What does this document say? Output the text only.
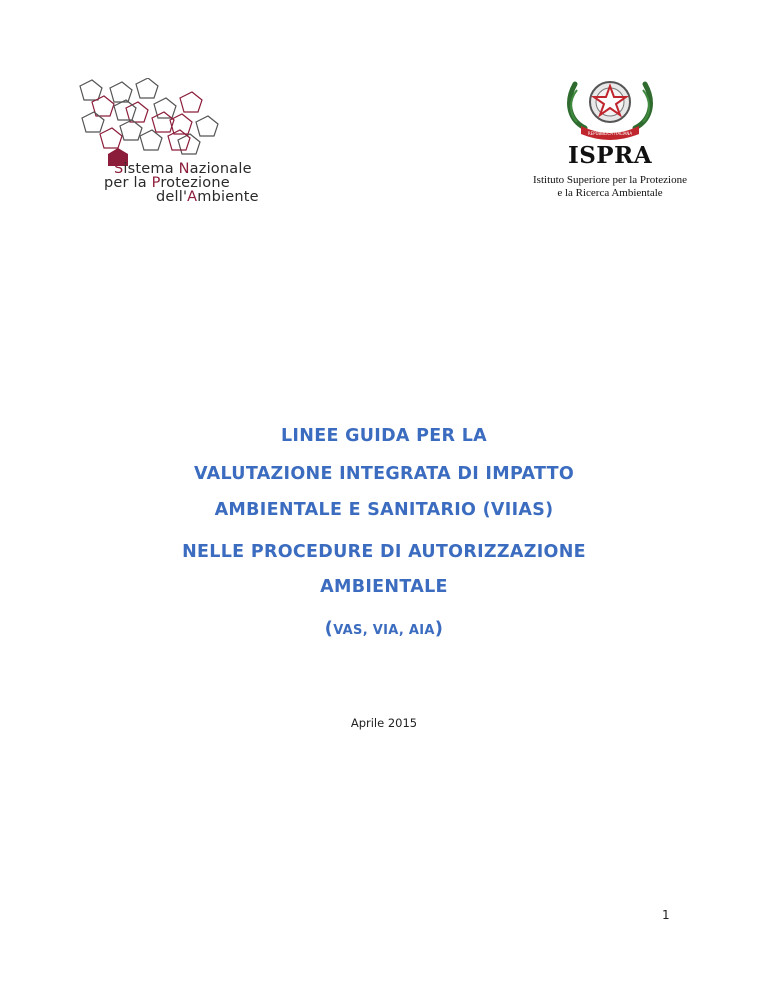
Sistema Nazionale
per la Protezione
dell'Ambiente
REPUBBLICA ITALIANA
ISPRA
Istituto Superiore per la Protezione
e la Ricerca Ambientale
LINEE GUIDA PER LA
VALUTAZIONE INTEGRATA DI IMPATTO
AMBIENTALE E SANITARIO (VIIAS)
NELLE PROCEDURE DI AUTORIZZAZIONE
AMBIENTALE
(VAS, VIA, AIA)
Aprile 2015
1
